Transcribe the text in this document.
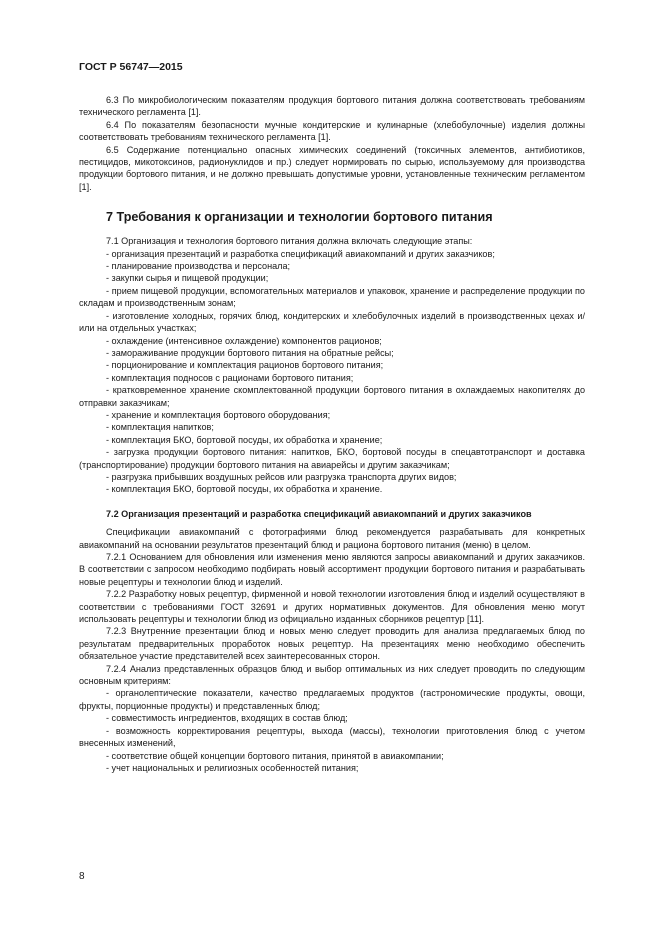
ГОСТ Р 56747—2015

6.3 По микробиологическим показателям продукция бортового питания должна соответствовать требованиям технического регламента [1].

6.4 По показателям безопасности мучные кондитерские и кулинарные (хлебобулочные) изделия должны соответствовать требованиям технического регламента [1].

6.5 Содержание потенциально опасных химических соединений (токсичных элементов, антибиотиков, пестицидов, микотоксинов, радионуклидов и пр.) следует нормировать по сырью, используемому для производства продукции бортового питания, и не должно превышать допустимые уровни, установленные техническим регламентом [1].

7 Требования к организации и технологии бортового питания

7.1 Организация и технология бортового питания должна включать следующие этапы:

- организация презентаций и разработка спецификаций авиакомпаний и других заказчиков;

- планирование производства и персонала;

- закупки сырья и пищевой продукции;

- прием пищевой продукции, вспомогательных материалов и упаковок, хранение и распределение продукции по складам и производственным зонам;

- изготовление холодных, горячих блюд, кондитерских и хлебобулочных изделий в производственных цехах и/или на отдельных участках;

- охлаждение (интенсивное охлаждение) компонентов рационов;

- замораживание продукции бортового питания на обратные рейсы;

- порционирование и комплектация рационов бортового питания;

- комплектация подносов с рационами бортового питания;

- кратковременное хранение скомплектованной продукции бортового питания в охлаждаемых накопителях до отправки заказчикам;

- хранение и комплектация бортового оборудования;

- комплектация напитков;

- комплектация БКО, бортовой посуды, их обработка и хранение;

- загрузка продукции бортового питания: напитков, БКО, бортовой посуды в спецавтотранспорт и доставка (транспортирование) продукции бортового питания на авиарейсы и другим заказчикам;

- разгрузка прибывших воздушных рейсов или разгрузка транспорта других видов;

- комплектация БКО, бортовой посуды, их обработка и хранение.

7.2 Организация презентаций и разработка спецификаций авиакомпаний и других заказчиков

Спецификации авиакомпаний с фотографиями блюд рекомендуется разрабатывать для конкретных авиакомпаний на основании результатов презентаций блюд и рациона бортового питания (меню) в целом.

7.2.1 Основанием для обновления или изменения меню являются запросы авиакомпаний и других заказчиков. В соответствии с запросом необходимо подбирать новый ассортимент продукции бортового питания и разрабатывать новые рецептуры и технологии блюд и изделий.

7.2.2 Разработку новых рецептур, фирменной и новой технологии изготовления блюд и изделий осуществляют в соответствии с требованиями ГОСТ 32691 и других нормативных документов. Для обновления меню могут использовать рецептуры и технологии блюд из официально изданных сборников рецептур [11].

7.2.3 Внутренние презентации блюд и новых меню следует проводить для анализа предлагаемых блюд по результатам предварительных проработок новых рецептур. На презентациях меню необходимо обеспечить обязательное участие представителей всех заинтересованных сторон.

7.2.4 Анализ представленных образцов блюд и выбор оптимальных из них следует проводить по следующим основным критериям:

- органолептические показатели, качество предлагаемых продуктов (гастрономические продукты, овощи, фрукты, порционные продукты) и представленных блюд;

- совместимость ингредиентов, входящих в состав блюд;

- возможность корректирования рецептуры, выхода (массы), технологии приготовления блюд с учетом внесенных изменений,

- соответствие общей концепции бортового питания, принятой в авиакомпании;

- учет национальных и религиозных особенностей питания;

8
